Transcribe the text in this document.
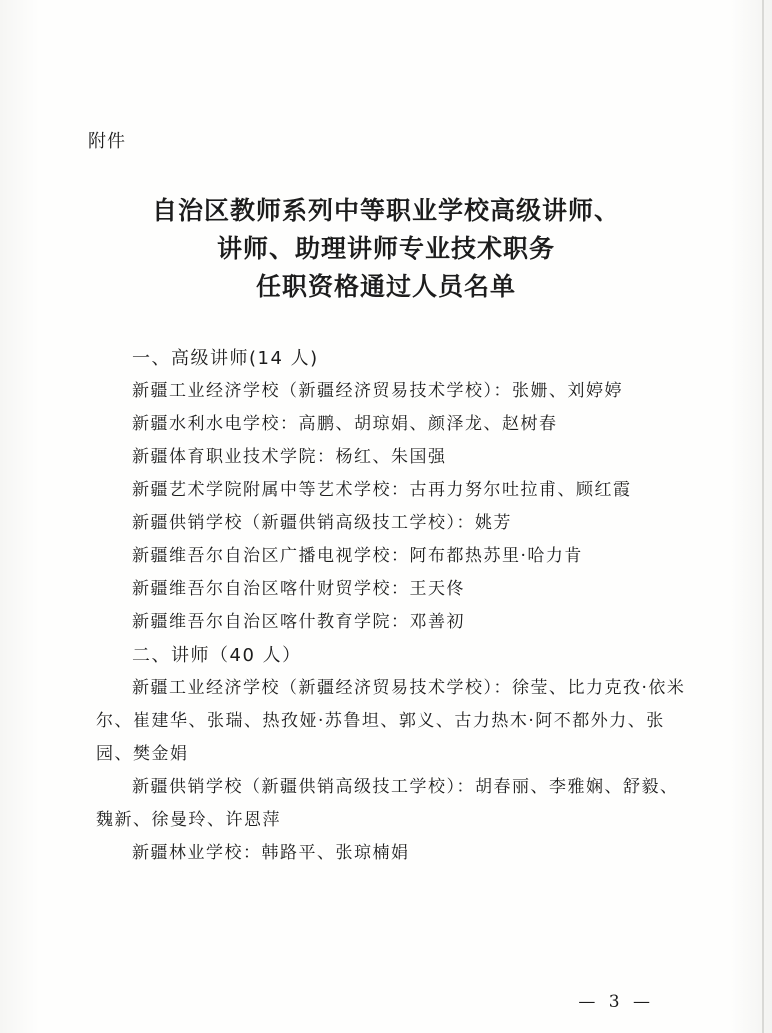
附件
自治区教师系列中等职业学校高级讲师、
讲师、助理讲师专业技术职务
任职资格通过人员名单
一、高级讲师(14 人)
新疆工业经济学校（新疆经济贸易技术学校）：张姗、刘婷婷
新疆水利水电学校：高鹏、胡琼娟、颜泽龙、赵树春
新疆体育职业技术学院：杨红、朱国强
新疆艺术学院附属中等艺术学校：古再力努尔吐拉甫、顾红霞
新疆供销学校（新疆供销高级技工学校）：姚芳
新疆维吾尔自治区广播电视学校：阿布都热苏里·哈力肯
新疆维吾尔自治区喀什财贸学校：王天佟
新疆维吾尔自治区喀什教育学院：邓善初
二、讲师（40 人）

新疆工业经济学校（新疆经济贸易技术学校）：徐莹、比力克孜·依米尔、崔建华、张瑞、热孜娅·苏鲁坦、郭义、古力热木·阿不都外力、张园、樊金娟

新疆供销学校（新疆供销高级技工学校）：胡春丽、李雅娴、舒毅、魏新、徐曼玲、许恩萍

新疆林业学校：韩路平、张琼楠娟

— 3 —
